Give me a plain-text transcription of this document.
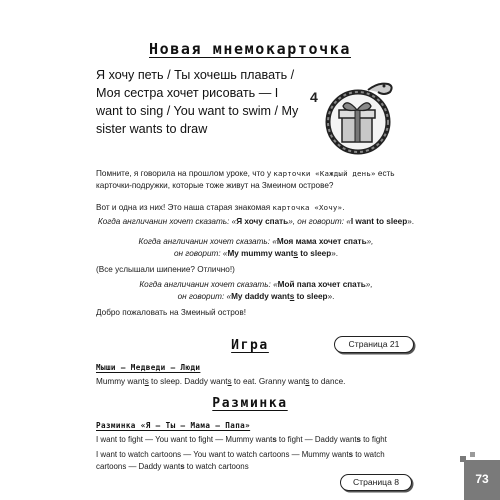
Новая мнемокарточка
Я хочу петь / Ты хочешь плавать / Моя сестра хочет рисовать — I want to sing / You want to swim / My sister wants to draw
4
Помните, я говорила на прошлом уроке, что у карточки «Каждый день» есть карточки-подружки, которые тоже живут на Змеином острове?
Вот и одна из них! Это наша старая знакомая карточка «Хочу».
Когда англичанин хочет сказать: «Я хочу спать», он говорит: «I want to sleep».
Когда англичанин хочет сказать: «Моя мама хочет спать»,
он говорит: «My mummy wants to sleep».
(Все услышали шипение? Отлично!)
Когда англичанин хочет сказать: «Мой папа хочет спать»,
он говорит: «My daddy wants to sleep».
Добро пожаловать на Змеиный остров!
Игра	Страница 21
Мыши — Медведи — Люди
Mummy wants to sleep. Daddy wants to eat. Granny wants to dance.
Разминка
Разминка «Я — Ты — Мама — Папа»
I want to fight — You want to fight — Mummy wants to fight — Daddy wants to fight
I want to watch cartoons — You want to watch cartoons — Mummy wants to watch
cartoons — Daddy wants to watch cartoons
Страница 8	73
